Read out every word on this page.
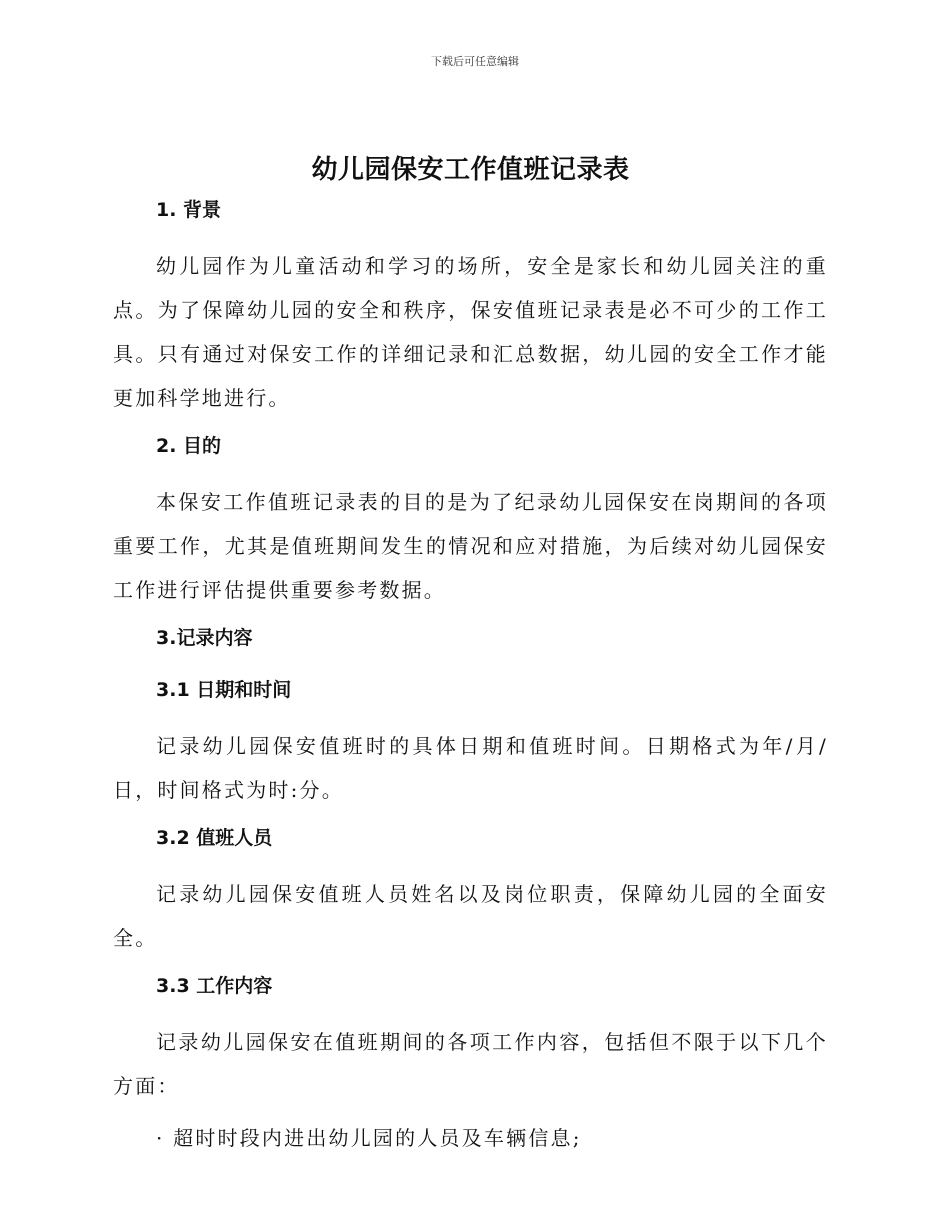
下载后可任意编辑
幼儿园保安工作值班记录表
1. 背景

幼儿园作为儿童活动和学习的场所，安全是家长和幼儿园关注的重点。为了保障幼儿园的安全和秩序，保安值班记录表是必不可少的工作工具。只有通过对保安工作的详细记录和汇总数据，幼儿园的安全工作才能更加科学地进行。

2. 目的

本保安工作值班记录表的目的是为了纪录幼儿园保安在岗期间的各项重要工作，尤其是值班期间发生的情况和应对措施，为后续对幼儿园保安工作进行评估提供重要参考数据。

3.记录内容
3.1 日期和时间

记录幼儿园保安值班时的具体日期和值班时间。日期格式为年/月/日，时间格式为时:分。

3.2 值班人员

记录幼儿园保安值班人员姓名以及岗位职责，保障幼儿园的全面安全。

3.3 工作内容

记录幼儿园保安在值班期间的各项工作内容，包括但不限于以下几个方面：

· 超时时段内进出幼儿园的人员及车辆信息;
